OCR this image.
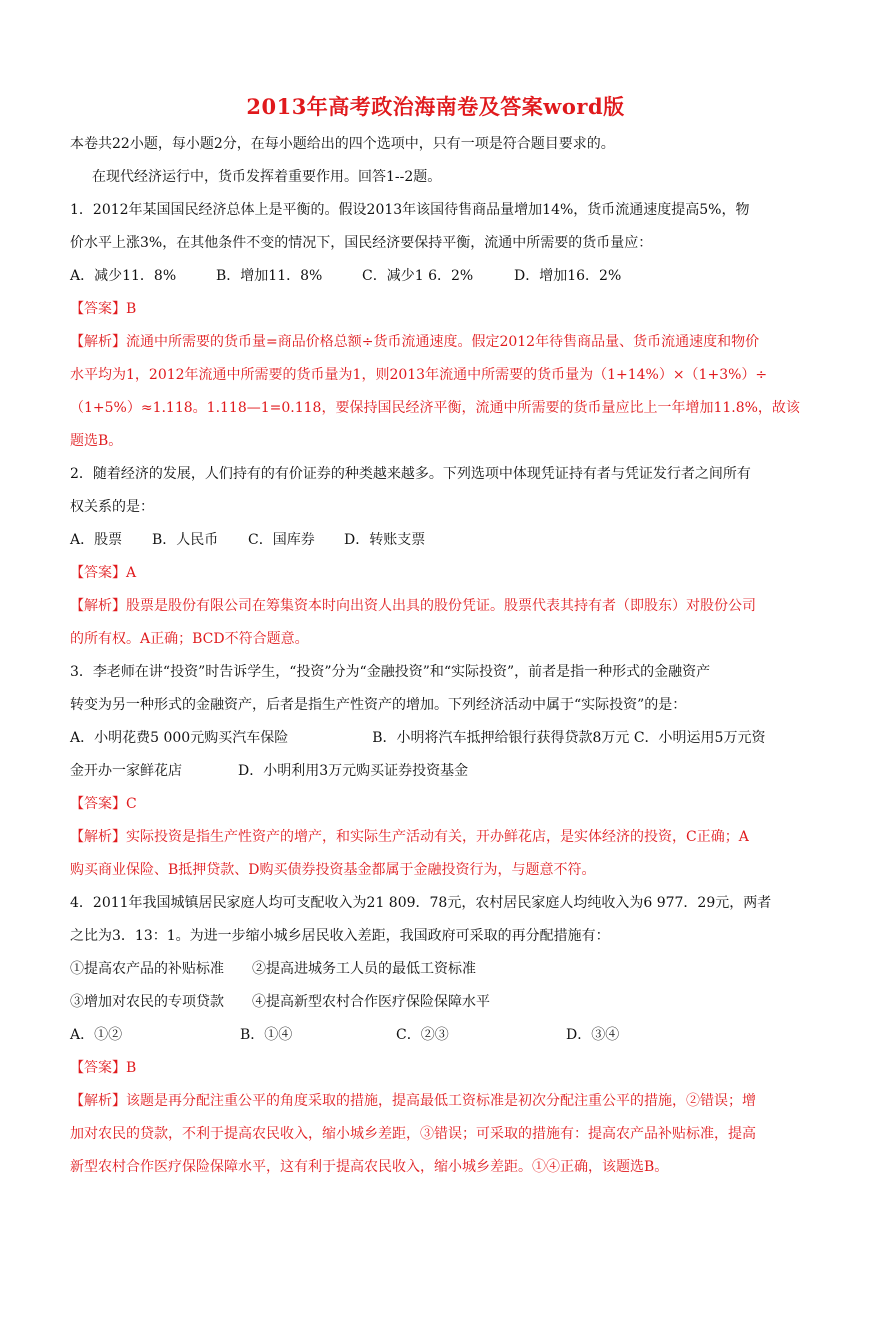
2013年高考政治海南卷及答案word版

本卷共22小题，每小题2分，在每小题给出的四个选项中，只有一项是符合题目要求的。

在现代经济运行中，货币发挥着重要作用。回答1--2题。

1．2012年某国国民经济总体上是平衡的。假设2013年该国待售商品量增加14%，货币流通速度提高5%，物

价水平上涨3%，在其他条件不变的情况下，国民经济要保持平衡，流通中所需要的货币量应：

A．减少11．8%	B．增加11．8%	C．减少1 6．2%	D．增加16．2%

【答案】B

【解析】流通中所需要的货币量=商品价格总额÷货币流通速度。假定2012年待售商品量、货币流通速度和物价

水平均为1，2012年流通中所需要的货币量为1，则2013年流通中所需要的货币量为（1+14%）×（1+3%）÷

（1+5%）≈1.118。1.118—1=0.118，要保持国民经济平衡，流通中所需要的货币量应比上一年增加11.8%，故该

题选B。

2．随着经济的发展，人们持有的有价证券的种类越来越多。下列选项中体现凭证持有者与凭证发行者之间所有

权关系的是：

A．股票	B．人民币	C．国库券	D．转账支票

【答案】A

【解析】股票是股份有限公司在筹集资本时向出资人出具的股份凭证。股票代表其持有者（即股东）对股份公司

的所有权。A正确；BCD不符合题意。

3．李老师在讲“投资”时告诉学生，“投资”分为“金融投资”和“实际投资”，前者是指一种形式的金融资产

转变为另一种形式的金融资产，后者是指生产性资产的增加。下列经济活动中属于“实际投资”的是：

A．小明花费5 000元购买汽车保险　　　　　　B．小明将汽车抵押给银行获得贷款8万元 C．小明运用5万元资

金开办一家鲜花店　　　　D．小明利用3万元购买证券投资基金

【答案】C

【解析】实际投资是指生产性资产的增产，和实际生产活动有关，开办鲜花店，是实体经济的投资，C正确；A

购买商业保险、B抵押贷款、D购买债券投资基金都属于金融投资行为，与题意不符。

4．2011年我国城镇居民家庭人均可支配收入为21 809．78元，农村居民家庭人均纯收入为6 977．29元，两者

之比为3．13：1。为进一步缩小城乡居民收入差距，我国政府可采取的再分配措施有：

①提高农产品的补贴标准　　②提高进城务工人员的最低工资标准

③增加对农民的专项贷款　　④提高新型农村合作医疗保险保障水平

A．①②	B．①④	C．②③	D．③④

【答案】B

【解析】该题是再分配注重公平的角度采取的措施，提高最低工资标准是初次分配注重公平的措施，②错误；增

加对农民的贷款，不利于提高农民收入，缩小城乡差距，③错误；可采取的措施有：提高农产品补贴标准，提高

新型农村合作医疗保险保障水平，这有利于提高农民收入，缩小城乡差距。①④正确，该题选B。
